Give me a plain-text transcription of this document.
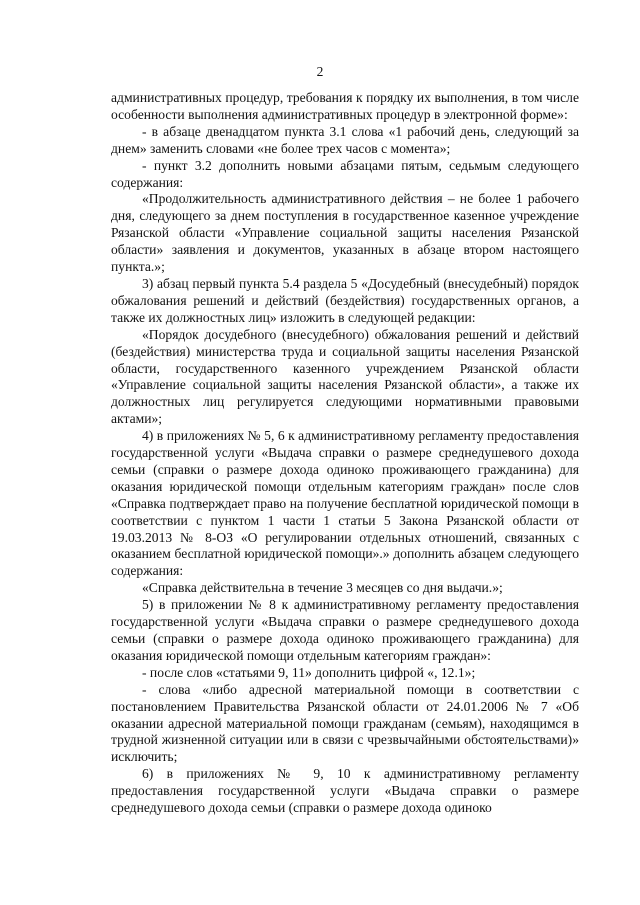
2

административных процедур, требования к порядку их выполнения, в том числе особенности выполнения административных процедур в электронной форме»:

- в абзаце двенадцатом пункта 3.1 слова «1 рабочий день, следующий за днем» заменить словами «не более трех часов с момента»;

- пункт 3.2 дополнить новыми абзацами пятым, седьмым следующего содержания:

«Продолжительность административного действия – не более 1 рабочего дня, следующего за днем поступления в государственное казенное учреждение Рязанской области «Управление социальной защиты населения Рязанской области» заявления и документов, указанных в абзаце втором настоящего пункта.»;

3) абзац первый пункта 5.4 раздела 5 «Досудебный (внесудебный) порядок обжалования решений и действий (бездействия) государственных органов, а также их должностных лиц» изложить в следующей редакции:

«Порядок досудебного (внесудебного) обжалования решений и действий (бездействия) министерства труда и социальной защиты населения Рязанской области, государственного казенного учреждением Рязанской области «Управление социальной защиты населения Рязанской области», а также их должностных лиц регулируется следующими нормативными правовыми актами»;

4) в приложениях № 5, 6 к административному регламенту предоставления государственной услуги «Выдача справки о размере среднедушевого дохода семьи (справки о размере дохода одиноко проживающего гражданина) для оказания юридической помощи отдельным категориям граждан» после слов «Справка подтверждает право на получение бесплатной юридической помощи в соответствии с пунктом 1 части 1 статьи 5 Закона Рязанской области от 19.03.2013 № 8-ОЗ «О регулировании отдельных отношений, связанных с оказанием бесплатной юридической помощи».» дополнить абзацем следующего содержания:

«Справка действительна в течение 3 месяцев со дня выдачи.»;

5) в приложении № 8 к административному регламенту предоставления государственной услуги «Выдача справки о размере среднедушевого дохода семьи (справки о размере дохода одиноко проживающего гражданина) для оказания юридической помощи отдельным категориям граждан»:

- после слов «статьями 9, 11» дополнить цифрой «, 12.1»;

- слова «либо адресной материальной помощи в соответствии с постановлением Правительства Рязанской области от 24.01.2006 № 7 «Об оказании адресной материальной помощи гражданам (семьям), находящимся в трудной жизненной ситуации или в связи с чрезвычайными обстоятельствами)» исключить;

6) в приложениях № 9, 10 к административному регламенту предоставления государственной услуги «Выдача справки о размере среднедушевого дохода семьи (справки о размере дохода одиноко
